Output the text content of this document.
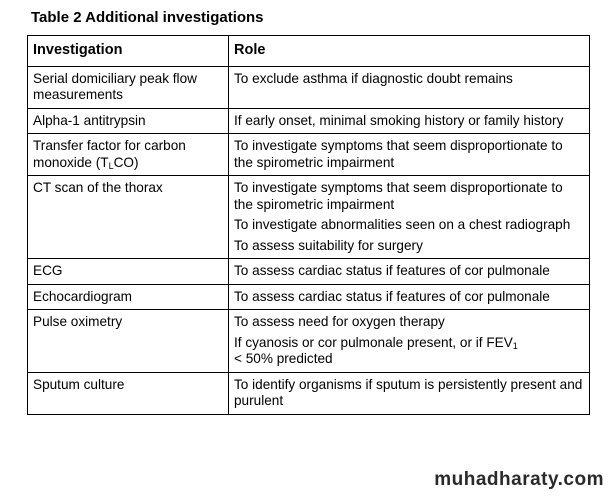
Table 2 Additional investigations
Investigation	Role
Serial domiciliary peak flow measurements	To exclude asthma if diagnostic doubt remains

Alpha-1 antitrypsin	If early onset, minimal smoking history or family history

Transfer factor for carbon monoxide $(T_LCO)$	To investigate symptoms that seem disproportionate to the spirometric impairment

CT scan of the thorax	To investigate symptoms that seem disproportionate to the spirometric impairment
To investigate abnormalities seen on a chest radiograph
To assess suitability for surgery

ECG	To assess cardiac status if features of cor pulmonale

Echocardiogram	To assess cardiac status if features of cor pulmonale

Pulse oximetry	To assess need for oxygen therapy
If cyanosis or cor pulmonale present, or if $FEV_1$
< 50% predicted

Sputum culture	To identify organisms if sputum is persistently present and purulent
muhadharaty.com
